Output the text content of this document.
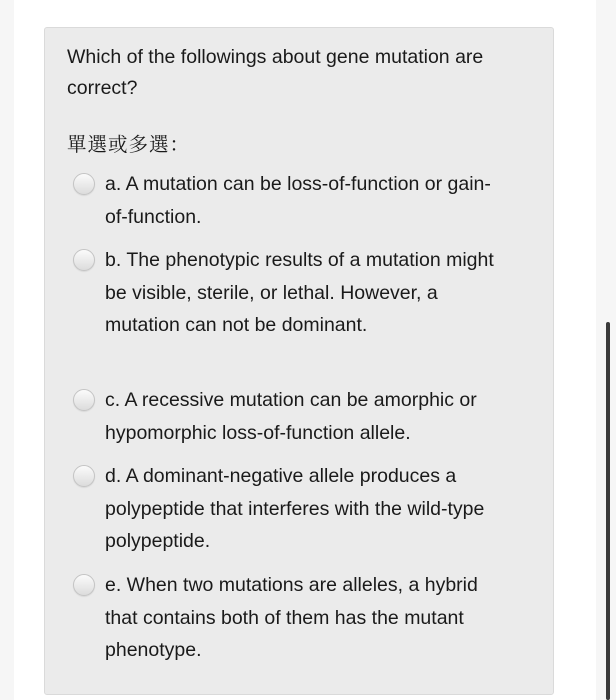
Which of the followings about gene mutation are correct?
單選或多選：
a. A mutation can be loss-of-function or gain-of-function.
b. The phenotypic results of a mutation might be visible, sterile, or lethal. However, a mutation can not be dominant.
c. A recessive mutation can be amorphic or hypomorphic loss-of-function allele.
d. A dominant-negative allele produces a polypeptide that interferes with the wild-type polypeptide.
e. When two mutations are alleles, a hybrid that contains both of them has the mutant phenotype.
